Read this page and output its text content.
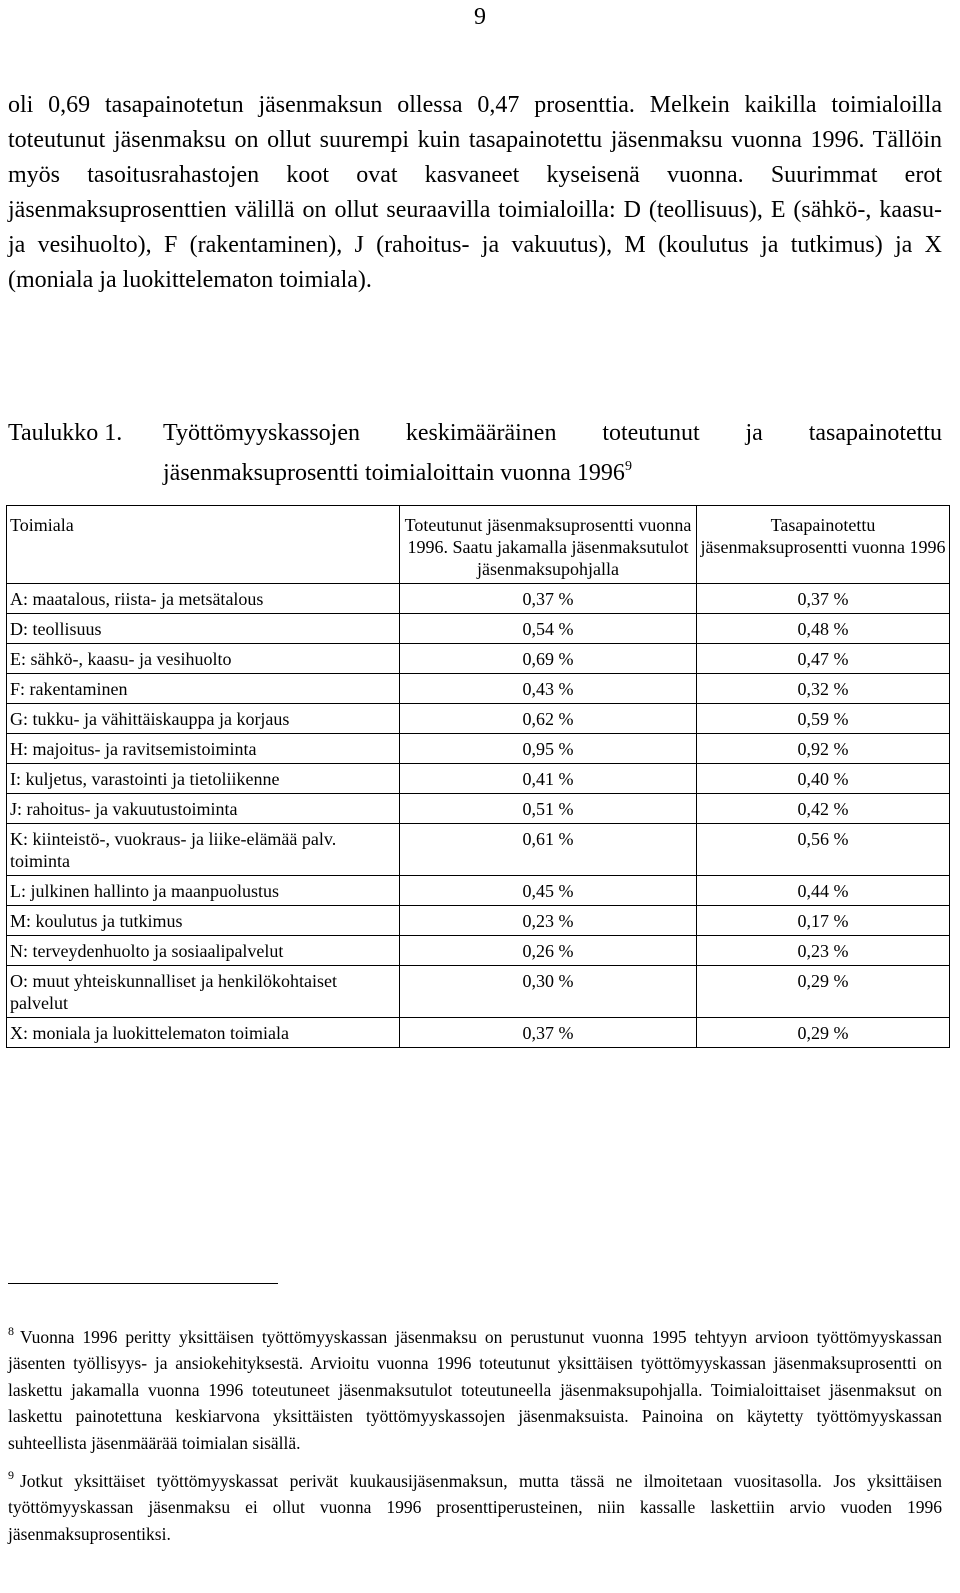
9

oli 0,69 tasapainotetun jäsenmaksun ollessa 0,47 prosenttia. Melkein kaikilla toimialoilla toteutunut jäsenmaksu on ollut suurempi kuin tasapainotettu jäsenmaksu vuonna 1996. Tällöin myös tasoitusrahastojen koot ovat kasvaneet kyseisenä vuonna. Suurimmat erot jäsenmaksuprosenttien välillä on ollut seuraavilla toimialoilla: D (teollisuus), E (sähkö-, kaasu- ja vesihuolto), F (rakentaminen), J (rahoitus- ja vakuutus), M (koulutus ja tutkimus) ja X (moniala ja luokittelematon toimiala).

Taulukko 1.	Työttömyyskassojen keskimääräinen toteutunut ja tasapainotettu jäsenmaksuprosentti toimialoittain vuonna 1996$^9$
Toimiala	Toteutunut jäsenmaksuprosentti vuonna 1996. Saatu jakamalla jäsenmaksutulot jäsenmaksupohjalla	Tasapainotettu jäsenmaksuprosentti vuonna 1996
A: maatalous, riista- ja metsätalous	0,37 %	0,37 %
D: teollisuus	0,54 %	0,48 %
E: sähkö-, kaasu- ja vesihuolto	0,69 %	0,47 %
F: rakentaminen	0,43 %	0,32 %
G: tukku- ja vähittäiskauppa ja korjaus	0,62 %	0,59 %
H: majoitus- ja ravitsemistoiminta	0,95 %	0,92 %
I: kuljetus, varastointi ja tietoliikenne	0,41 %	0,40 %
J: rahoitus- ja vakuutustoiminta	0,51 %	0,42 %
K: kiinteistö-, vuokraus- ja liike-elämää palv. toiminta	0,61 %	0,56 %
L: julkinen hallinto ja maanpuolustus	0,45 %	0,44 %
M: koulutus ja tutkimus	0,23 %	0,17 %
N: terveydenhuolto ja sosiaalipalvelut	0,26 %	0,23 %
O: muut yhteiskunnalliset ja henkilökohtaiset palvelut	0,30 %	0,29 %
X: moniala ja luokittelematon toimiala	0,37 %	0,29 %

$^8$ Vuonna 1996 peritty yksittäisen työttömyyskassan jäsenmaksu on perustunut vuonna 1995 tehtyyn arvioon työttömyyskassan jäsenten työllisyys- ja ansiokehityksestä. Arvioitu vuonna 1996 toteutunut yksittäisen työttömyyskassan jäsenmaksuprosentti on laskettu jakamalla vuonna 1996 toteutuneet jäsenmaksutulot toteutuneella jäsenmaksupohjalla. Toimialoittaiset jäsenmaksut on laskettu painotettuna keskiarvona yksittäisten työttömyyskassojen jäsenmaksuista. Painoina on käytetty työttömyyskassan suhteellista jäsenmäärää toimialan sisällä.

$^9$ Jotkut yksittäiset työttömyyskassat perivät kuukausijäsenmaksun, mutta tässä ne ilmoitetaan vuositasolla. Jos yksittäisen työttömyyskassan jäsenmaksu ei ollut vuonna 1996 prosenttiperusteinen, niin kassalle laskettiin arvio vuoden 1996 jäsenmaksuprosentiksi.
